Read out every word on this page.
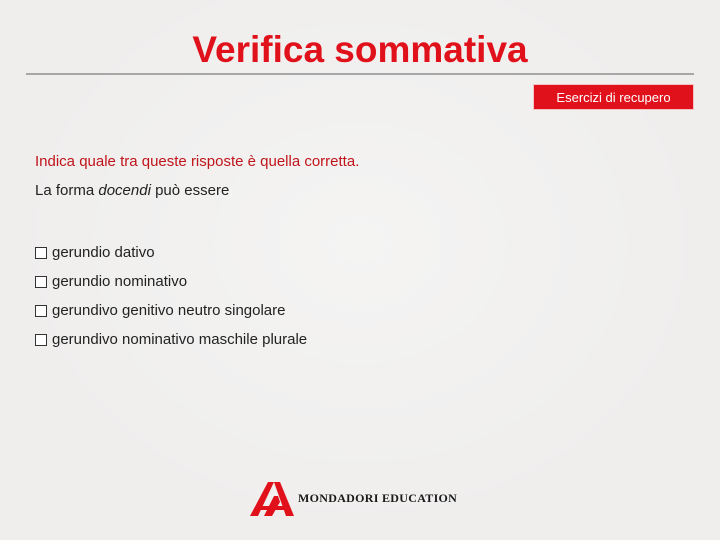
Verifica sommativa
Esercizi di recupero

Indica quale tra queste risposte è quella corretta.

La forma docendi può essere

gerundio dativo
gerundio nominativo
gerundivo genitivo neutro singolare
gerundivo nominativo maschile plurale
MONDADORI EDUCATION
